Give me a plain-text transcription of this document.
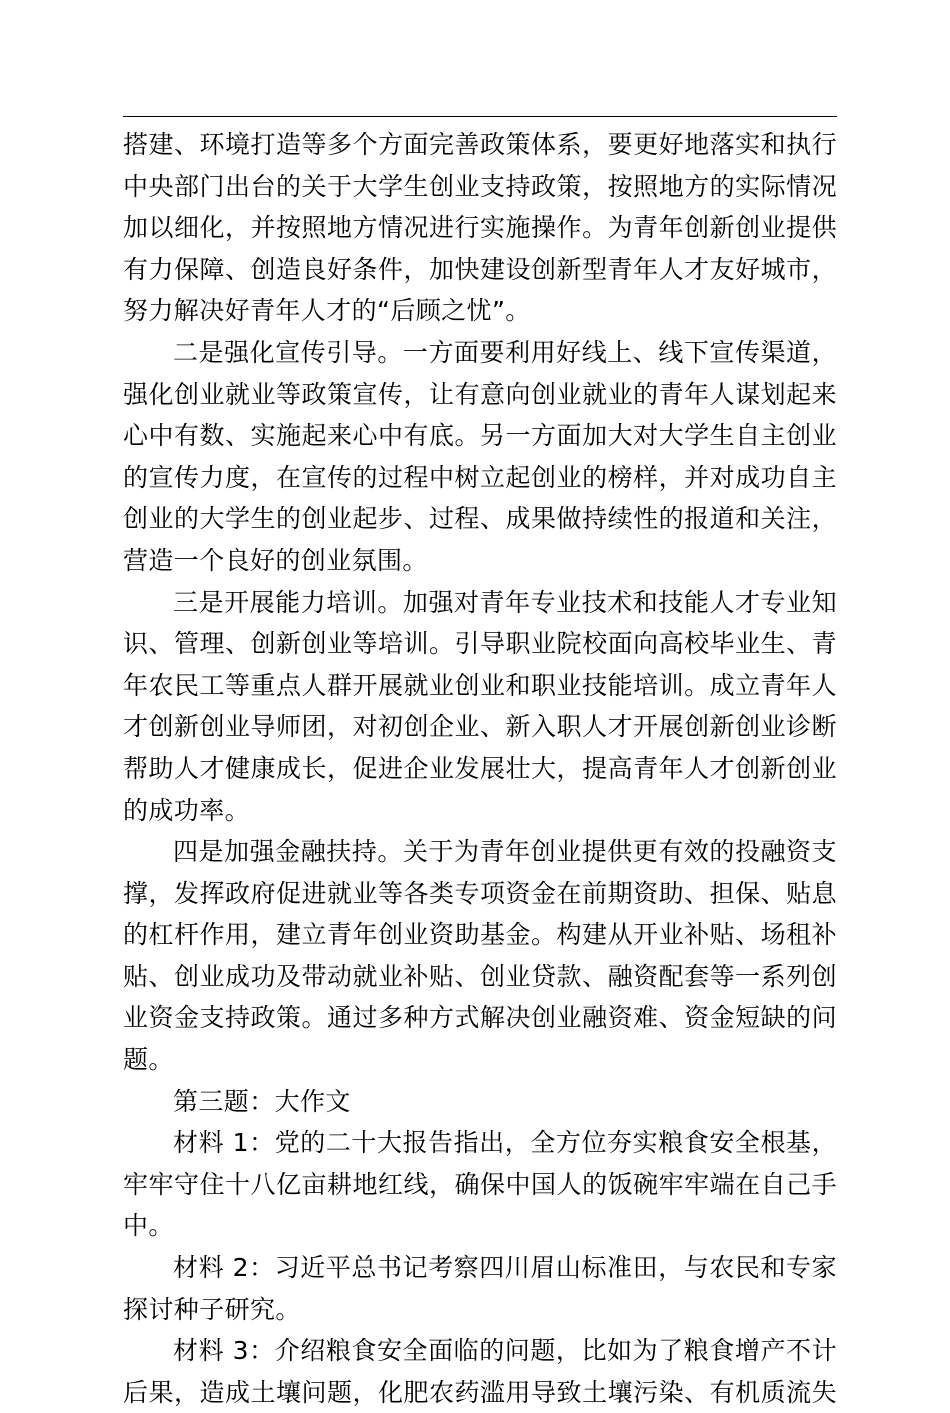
搭建、环境打造等多个方面完善政策体系，要更好地落实和执行
中央部门出台的关于大学生创业支持政策，按照地方的实际情况
加以细化，并按照地方情况进行实施操作。为青年创新创业提供
有力保障、创造良好条件，加快建设创新型青年人才友好城市，
努力解决好青年人才的“后顾之忧”。
二是强化宣传引导。一方面要利用好线上、线下宣传渠道，
强化创业就业等政策宣传，让有意向创业就业的青年人谋划起来
心中有数、实施起来心中有底。另一方面加大对大学生自主创业
的宣传力度，在宣传的过程中树立起创业的榜样，并对成功自主
创业的大学生的创业起步、过程、成果做持续性的报道和关注，
营造一个良好的创业氛围。
三是开展能力培训。加强对青年专业技术和技能人才专业知
识、管理、创新创业等培训。引导职业院校面向高校毕业生、青
年农民工等重点人群开展就业创业和职业技能培训。成立青年人
才创新创业导师团，对初创企业、新入职人才开展创新创业诊断
帮助人才健康成长，促进企业发展壮大，提高青年人才创新创业
的成功率。
四是加强金融扶持。关于为青年创业提供更有效的投融资支
撑，发挥政府促进就业等各类专项资金在前期资助、担保、贴息
的杠杆作用，建立青年创业资助基金。构建从开业补贴、场租补
贴、创业成功及带动就业补贴、创业贷款、融资配套等一系列创
业资金支持政策。通过多种方式解决创业融资难、资金短缺的问
题。
第三题：大作文
材料 1：党的二十大报告指出，全方位夯实粮食安全根基，
牢牢守住十八亿亩耕地红线，确保中国人的饭碗牢牢端在自己手
中。
材料 2：习近平总书记考察四川眉山标准田，与农民和专家
探讨种子研究。
材料 3：介绍粮食安全面临的问题，比如为了粮食增产不计
后果，造成土壤问题，化肥农药滥用导致土壤污染、有机质流失
